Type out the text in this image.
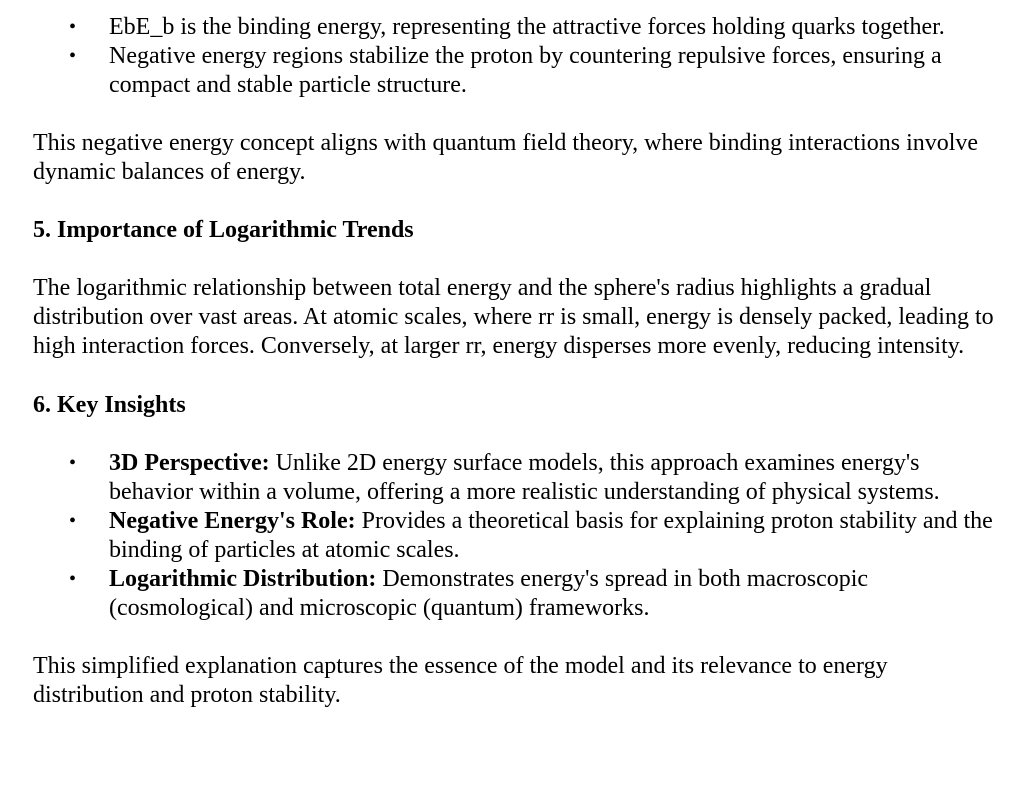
• EbE_b is the binding energy, representing the attractive forces holding quarks together.
• Negative energy regions stabilize the proton by countering repulsive forces, ensuring a compact and stable particle structure.

This negative energy concept aligns with quantum field theory, where binding interactions involve dynamic balances of energy.

5. Importance of Logarithmic Trends

The logarithmic relationship between total energy and the sphere's radius highlights a gradual distribution over vast areas. At atomic scales, where rr is small, energy is densely packed, leading to high interaction forces. Conversely, at larger rr, energy disperses more evenly, reducing intensity.

6. Key Insights
• 3D Perspective: Unlike 2D energy surface models, this approach examines energy's behavior within a volume, offering a more realistic understanding of physical systems.
• Negative Energy's Role: Provides a theoretical basis for explaining proton stability and the binding of particles at atomic scales.
• Logarithmic Distribution: Demonstrates energy's spread in both macroscopic (cosmological) and microscopic (quantum) frameworks.

This simplified explanation captures the essence of the model and its relevance to energy distribution and proton stability.
